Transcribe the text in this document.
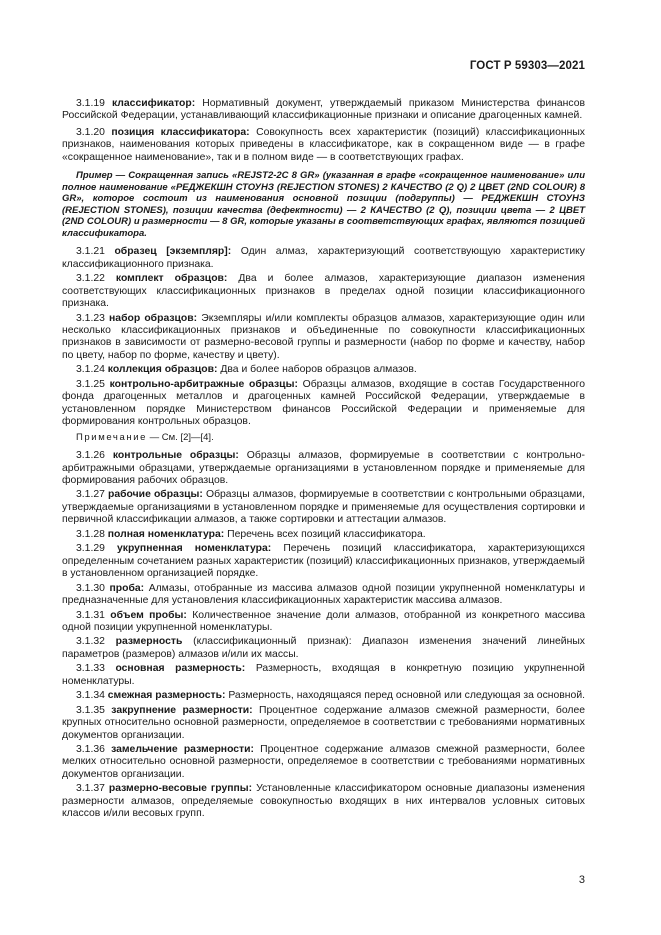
ГОСТ Р 59303—2021

3.1.19 классификатор: Нормативный документ, утверждаемый приказом Министерства финансов Российской Федерации, устанавливающий классификационные признаки и описание драгоценных камней.

3.1.20 позиция классификатора: Совокупность всех характеристик (позиций) классификационных признаков, наименования которых приведены в классификаторе, как в сокращенном виде — в графе «сокращенное наименование», так и в полном виде — в соответствующих графах.

Пример — Сокращенная запись «REJST2-2C 8 GR» (указанная в графе «сокращенное наименование» или полное наименование «РЕДЖЕКШН СТОУНЗ (REJECTION STONES) 2 КАЧЕСТВО (2 Q) 2 ЦВЕТ (2ND COLOUR) 8 GR», которое состоит из наименования основной позиции (подгруппы) — РЕДЖЕКШН СТОУНЗ (REJECTION STONES), позиции качества (дефектности) — 2 КАЧЕСТВО (2 Q), позиции цвета — 2 ЦВЕТ (2ND COLOUR) и размерности — 8 GR, которые указаны в соответствующих графах, являются позицией классификатора.

3.1.21 образец [экземпляр]: Один алмаз, характеризующий соответствующую характеристику классификационного признака.

3.1.22 комплект образцов: Два и более алмазов, характеризующие диапазон изменения соответствующих классификационных признаков в пределах одной позиции классификационного признака.

3.1.23 набор образцов: Экземпляры и/или комплекты образцов алмазов, характеризующие один или несколько классификационных признаков и объединенные по совокупности классификационных признаков в зависимости от размерно-весовой группы и размерности (набор по форме и качеству, набор по цвету, набор по форме, качеству и цвету).

3.1.24 коллекция образцов: Два и более наборов образцов алмазов.

3.1.25 контрольно-арбитражные образцы: Образцы алмазов, входящие в состав Государственного фонда драгоценных металлов и драгоценных камней Российской Федерации, утверждаемые в установленном порядке Министерством финансов Российской Федерации и применяемые для формирования контрольных образцов.

Примечание — См. [2]—[4].

3.1.26 контрольные образцы: Образцы алмазов, формируемые в соответствии с контрольно-арбитражными образцами, утверждаемые организациями в установленном порядке и применяемые для формирования рабочих образцов.

3.1.27 рабочие образцы: Образцы алмазов, формируемые в соответствии с контрольными образцами, утверждаемые организациями в установленном порядке и применяемые для осуществления сортировки и первичной классификации алмазов, а также сортировки и аттестации алмазов.

3.1.28 полная номенклатура: Перечень всех позиций классификатора.

3.1.29 укрупненная номенклатура: Перечень позиций классификатора, характеризующихся определенным сочетанием разных характеристик (позиций) классификационных признаков, утверждаемый в установленном организацией порядке.

3.1.30 проба: Алмазы, отобранные из массива алмазов одной позиции укрупненной номенклатуры и предназначенные для установления классификационных характеристик массива алмазов.

3.1.31 объем пробы: Количественное значение доли алмазов, отобранной из конкретного массива одной позиции укрупненной номенклатуры.

3.1.32 размерность (классификационный признак): Диапазон изменения значений линейных параметров (размеров) алмазов и/или их массы.

3.1.33 основная размерность: Размерность, входящая в конкретную позицию укрупненной номенклатуры.

3.1.34 смежная размерность: Размерность, находящаяся перед основной или следующая за основной.

3.1.35 закрупнение размерности: Процентное содержание алмазов смежной размерности, более крупных относительно основной размерности, определяемое в соответствии с требованиями нормативных документов организации.

3.1.36 замельчение размерности: Процентное содержание алмазов смежной размерности, более мелких относительно основной размерности, определяемое в соответствии с требованиями нормативных документов организации.

3.1.37 размерно-весовые группы: Установленные классификатором основные диапазоны изменения размерности алмазов, определяемые совокупностью входящих в них интервалов условных ситовых классов и/или весовых групп.

3
